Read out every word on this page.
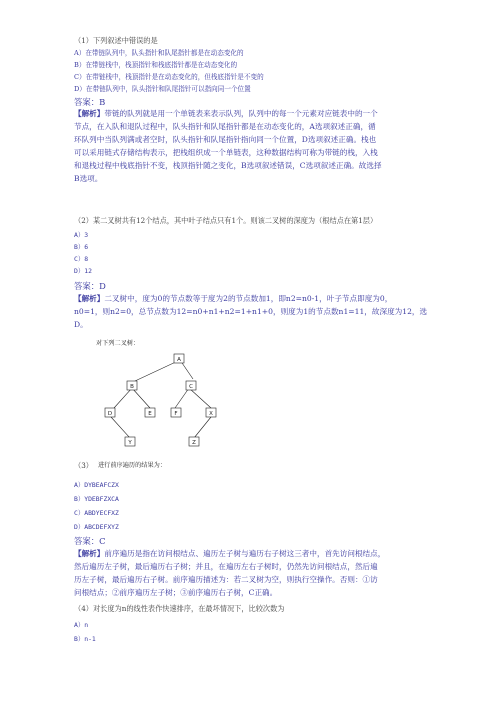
（1）下列叙述中错误的是
A）在带链队列中，队头指针和队尾指针都是在动态变化的
B）在带链栈中，栈顶指针和栈底指针都是在动态变化的
C）在带链栈中，栈顶指针是在动态变化的，但栈底指针是不变的
D）在带链队列中，队头指针和队尾指针可以指向同一个位置
答案：B
【解析】带链的队列就是用一个单链表来表示队列，队列中的每一个元素对应链表中的一个
节点，在入队和退队过程中，队头指针和队尾指针都是在动态变化的，A选项叙述正确，循
环队列中当队列满或者空时，队头指针和队尾指针指向同一个位置，D选项叙述正确。栈也
可以采用链式存储结构表示，把栈组织成一个单链表，这种数据结构可称为带链的栈，入栈
和退栈过程中栈底指针不变，栈顶指针随之变化，B选项叙述错误，C选项叙述正确。故选择
B选项。
（2）某二叉树共有12个结点，其中叶子结点只有1个。则该二叉树的深度为（根结点在第1层）
A）3
B）6
C）8
D）12
答案：D
【解析】二叉树中，度为0的节点数等于度为2的节点数加1，即n2=n0-1，叶子节点即度为0，
n0=1，则n2=0，总节点数为12=n0+n1+n2=1+n1+0，则度为1的节点数n1=11，故深度为12，选
D。
对下列二叉树：
A
B	C
D	E	F	X
Y	Z
（3） 进行前序遍历的结果为：
A）DYBEAFCZX
B）YDEBFZXCA
C）ABDYECFXZ
D）ABCDEFXYZ
答案：C
【解析】前序遍历是指在访问根结点、遍历左子树与遍历右子树这三者中，首先访问根结点，
然后遍历左子树，最后遍历右子树；并且，在遍历左右子树时，仍然先访问根结点，然后遍
历左子树，最后遍历右子树。前序遍历描述为：若二叉树为空，则执行空操作。否则：①访
问根结点；②前序遍历左子树；③前序遍历右子树，C正确。
（4）对长度为n的线性表作快速排序，在最坏情况下，比较次数为
A）n
B）n-1
